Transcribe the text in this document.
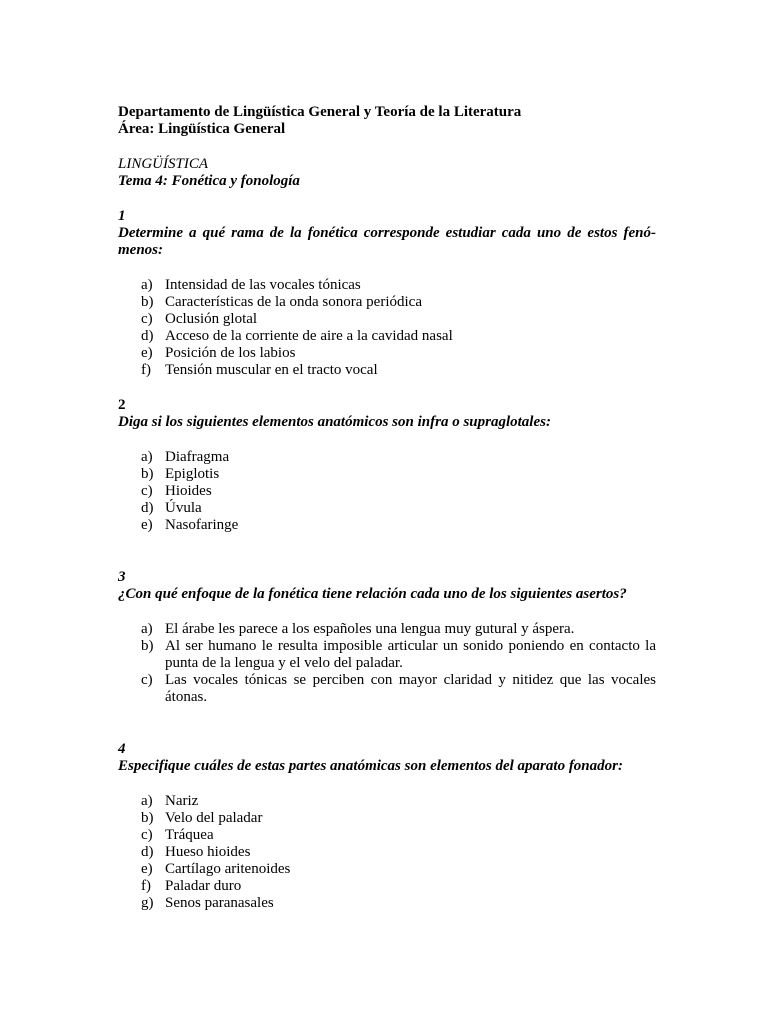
Departamento de Lingüística General y Teoría de la Literatura
Área: Lingüística General
LINGÜÍSTICA
Tema 4: Fonética y fonología
1
Determine a qué rama de la fonética corresponde estudiar cada uno de estos fenó-menos:
a) Intensidad de las vocales tónicas
b) Características de la onda sonora periódica
c) Oclusión glotal
d) Acceso de la corriente de aire a la cavidad nasal
e) Posición de los labios
f) Tensión muscular en el tracto vocal
2
Diga si los siguientes elementos anatómicos son infra o supraglotales:
a) Diafragma
b) Epiglotis
c) Hioides
d) Úvula
e) Nasofaringe
3
¿Con qué enfoque de la fonética tiene relación cada uno de los siguientes asertos?
a) El árabe les parece a los españoles una lengua muy gutural y áspera.
b) Al ser humano le resulta imposible articular un sonido poniendo en contacto la punta de la lengua y el velo del paladar.
c) Las vocales tónicas se perciben con mayor claridad y nitidez que las vocales átonas.
4
Especifique cuáles de estas partes anatómicas son elementos del aparato fonador:
a) Nariz
b) Velo del paladar
c) Tráquea
d) Hueso hioides
e) Cartílago aritenoides
f) Paladar duro
g) Senos paranasales
